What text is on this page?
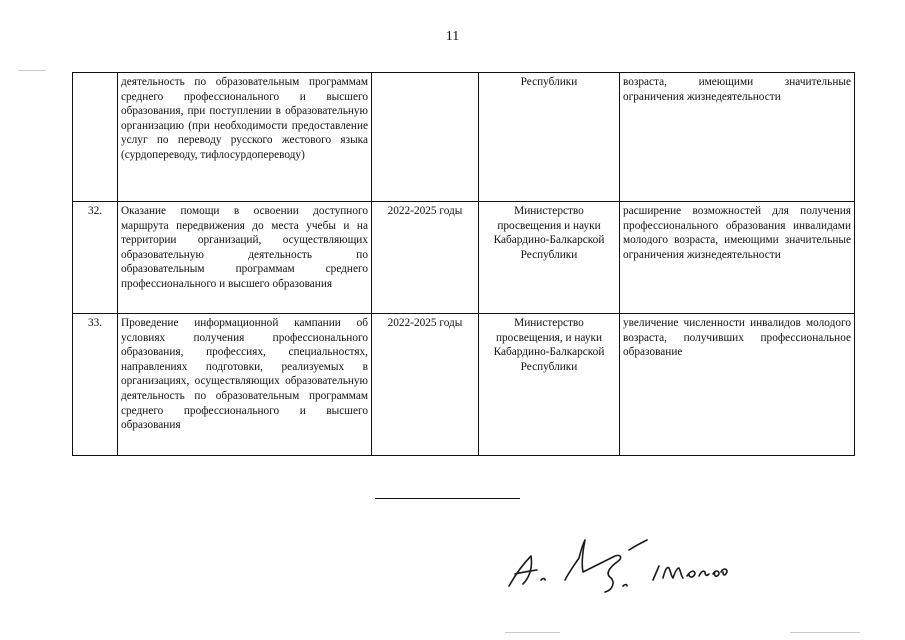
11
	деятельность по образовательным программам среднего профессионального и высшего образования, при поступлении в образовательную организацию (при необходимости предоставление услуг по переводу русского жестового языка (сурдопереводу, тифлосурдопереводу)		Республики	возраста, имеющими значительные ограничения жизнедеятельности
32.	Оказание помощи в освоении доступного маршрута передвижения до места учебы и на территории организаций, осуществляющих образовательную деятельность по образовательным программам среднего профессионального и высшего образования	2022-2025 годы	Министерство просвещения и науки Кабардино-Балкарской Республики	расширение возможностей для получения профессионального образования инвалидами молодого возраста, имеющими значительные ограничения жизнедеятельности
33.	Проведение информационной кампании об условиях получения профессионального образования, профессиях, специальностях, направлениях подготовки, реализуемых в организациях, осуществляющих образовательную деятельность по образовательным программам среднего профессионального и высшего образования	2022-2025 годы	Министерство просвещения, и науки Кабардино-Балкарской Республики	увеличение численности инвалидов молодого возраста, получивших профессиональное образование
